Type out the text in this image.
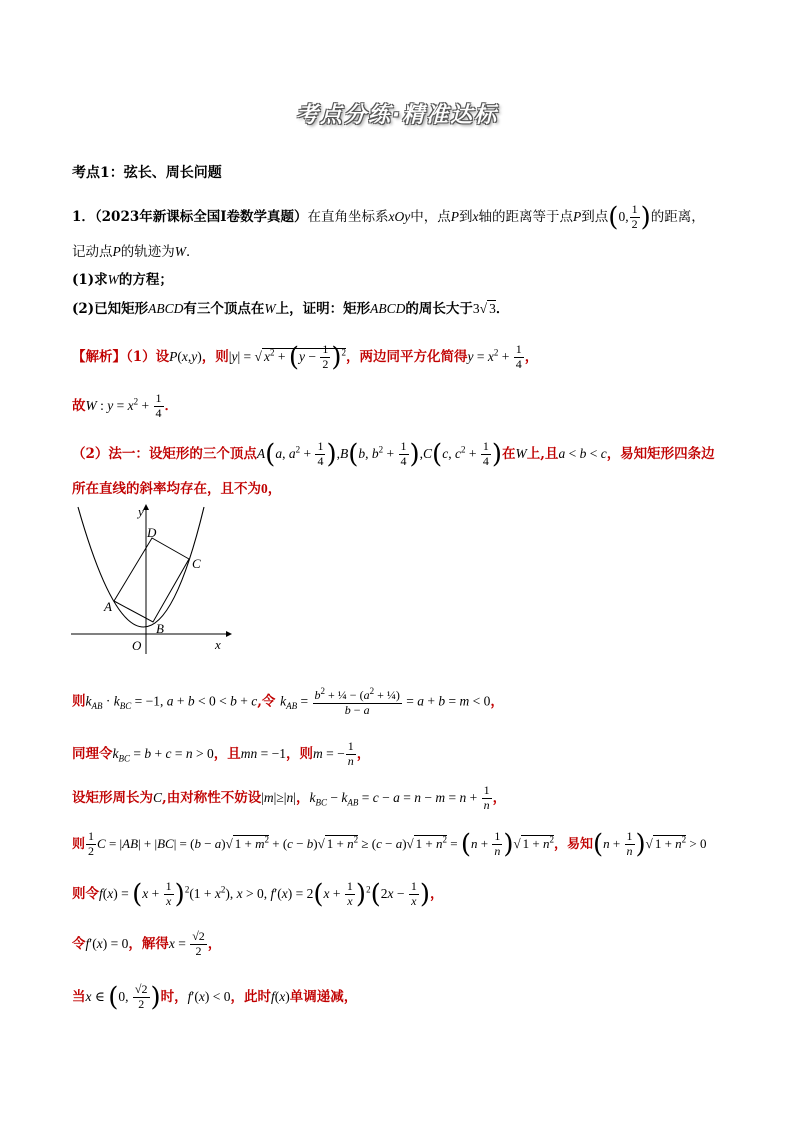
考点分练·精准达标
考点1：弦长、周长问题
1．（2023年新课标全国Ⅰ卷数学真题）在直角坐标系xOy中，点P到x轴的距离等于点P到点(0, $\frac{1}{2}$ )的距离，
记动点P的轨迹为W．
(1)求W的方程；
(2)已知矩形ABCD有三个顶点在W上，证明：矩形ABCD的周长大于3√ 3．
【解析】（1）设P(x,y)，则|y| = √ $x^2 + (y - \frac{1}{2} )^2$，两边同平方化简得$y = x^2 + \frac{1}{4}$ ，
故W : $y = x^2 + \frac{1}{4}$ ．
（2）法一：设矩形的三个顶点A(a, $a^2 + \frac{1}{4} ),B(b$, $b^2 + \frac{1}{4} ),C(c$, $c^2 + \frac{1}{4}$ )在W上,且a < b < c，易知矩形四条边
所在直线的斜率均存在，且不为0，
y
x
O
A
B
C
D
则$k_{AB} \cdot k_{BC} = -1$, a + b < 0 < b + c,令 $k_{AB} = \frac{b^2 + \frac{1}{4} - (a^2 + \frac{1}{4})}{b - a} = a + b = m < 0$，
同理令$k_{BC} = b + c = n > 0$，且mn = −1，则m = − $\frac{1}{n}$ ，
设矩形周长为C,由对称性不妨设|m|≥|n|，$k_{BC} - k_{AB} = c - a = n - m = n + \frac{1}{n}$ ，
则 $\frac{1}{2}$ C = |AB| + |BC| = (b − a)√ $1 + m^2 + (c - b)√$ $1 + n^2 \ge (c - a)√$ $1 + n^2 = (n + \frac{1}{n}$ )√ $1 + n^2$，易知($n + \frac{1}{n}$ )√ $1 + n^2 > 0$
则令$f(x) = (x + \frac{1}{x} )^2(1 + x^2)$, x > 0, $f'(x) = 2(x + \frac{1}{x} )^2(2x - \frac{1}{x}$ )，
令f′(x) = 0，解得$x = \frac{√2}{2}$ ，
当x ∈ (0, $\frac{√2}{2}$ )时，f′(x) < 0，此时f(x)单调递减，
